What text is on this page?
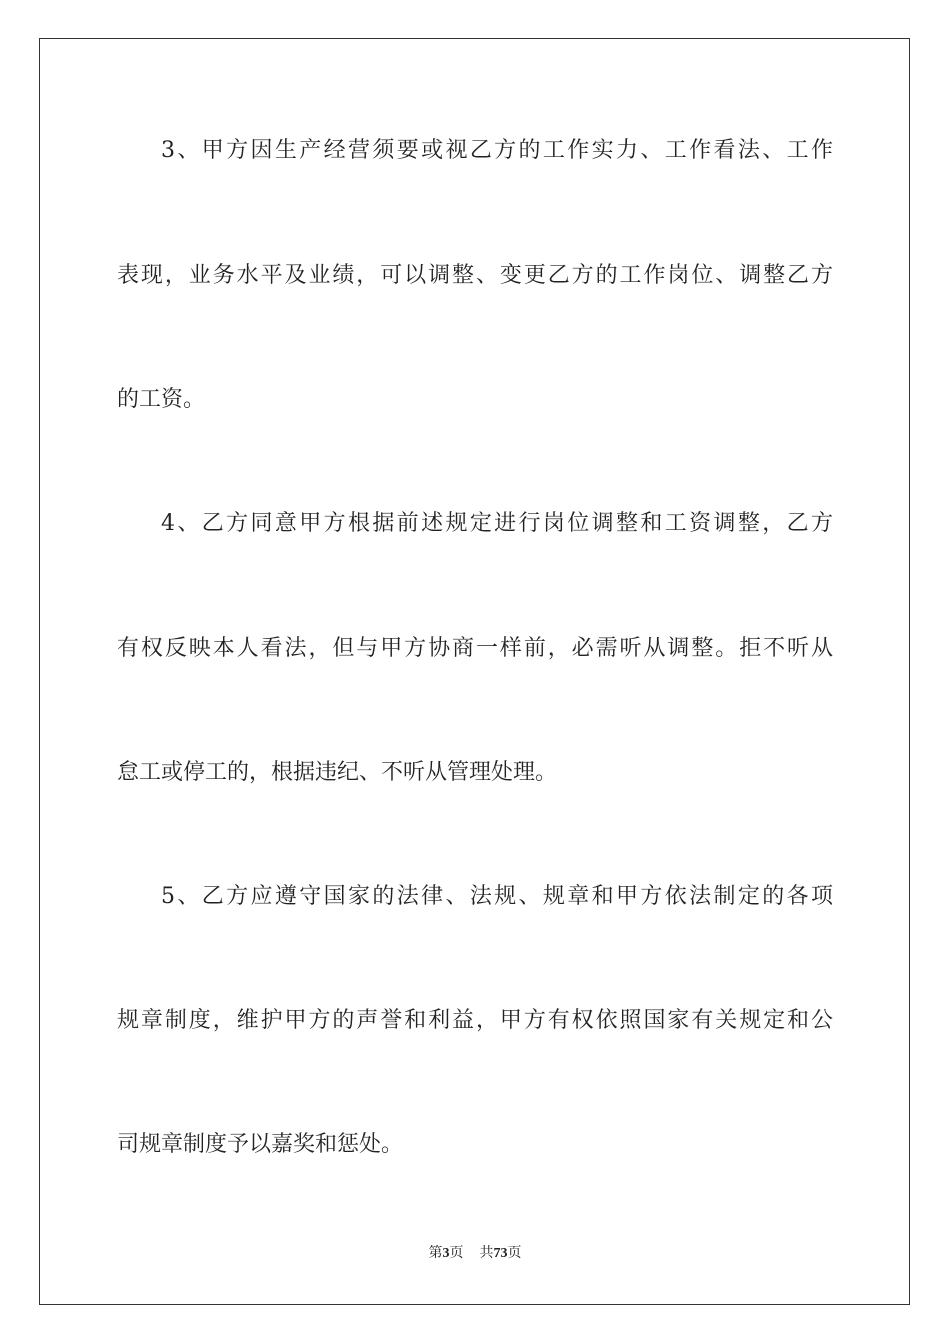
3、甲方因生产经营须要或视乙方的工作实力、工作看法、工作
表现，业务水平及业绩，可以调整、变更乙方的工作岗位、调整乙方
的工资。
4、乙方同意甲方根据前述规定进行岗位调整和工资调整，乙方
有权反映本人看法，但与甲方协商一样前，必需听从调整。拒不听从
怠工或停工的，根据违纪、不听从管理处理。
5、乙方应遵守国家的法律、法规、规章和甲方依法制定的各项
规章制度，维护甲方的声誉和利益，甲方有权依照国家有关规定和公
司规章制度予以嘉奖和惩处。
第3页 共73页
